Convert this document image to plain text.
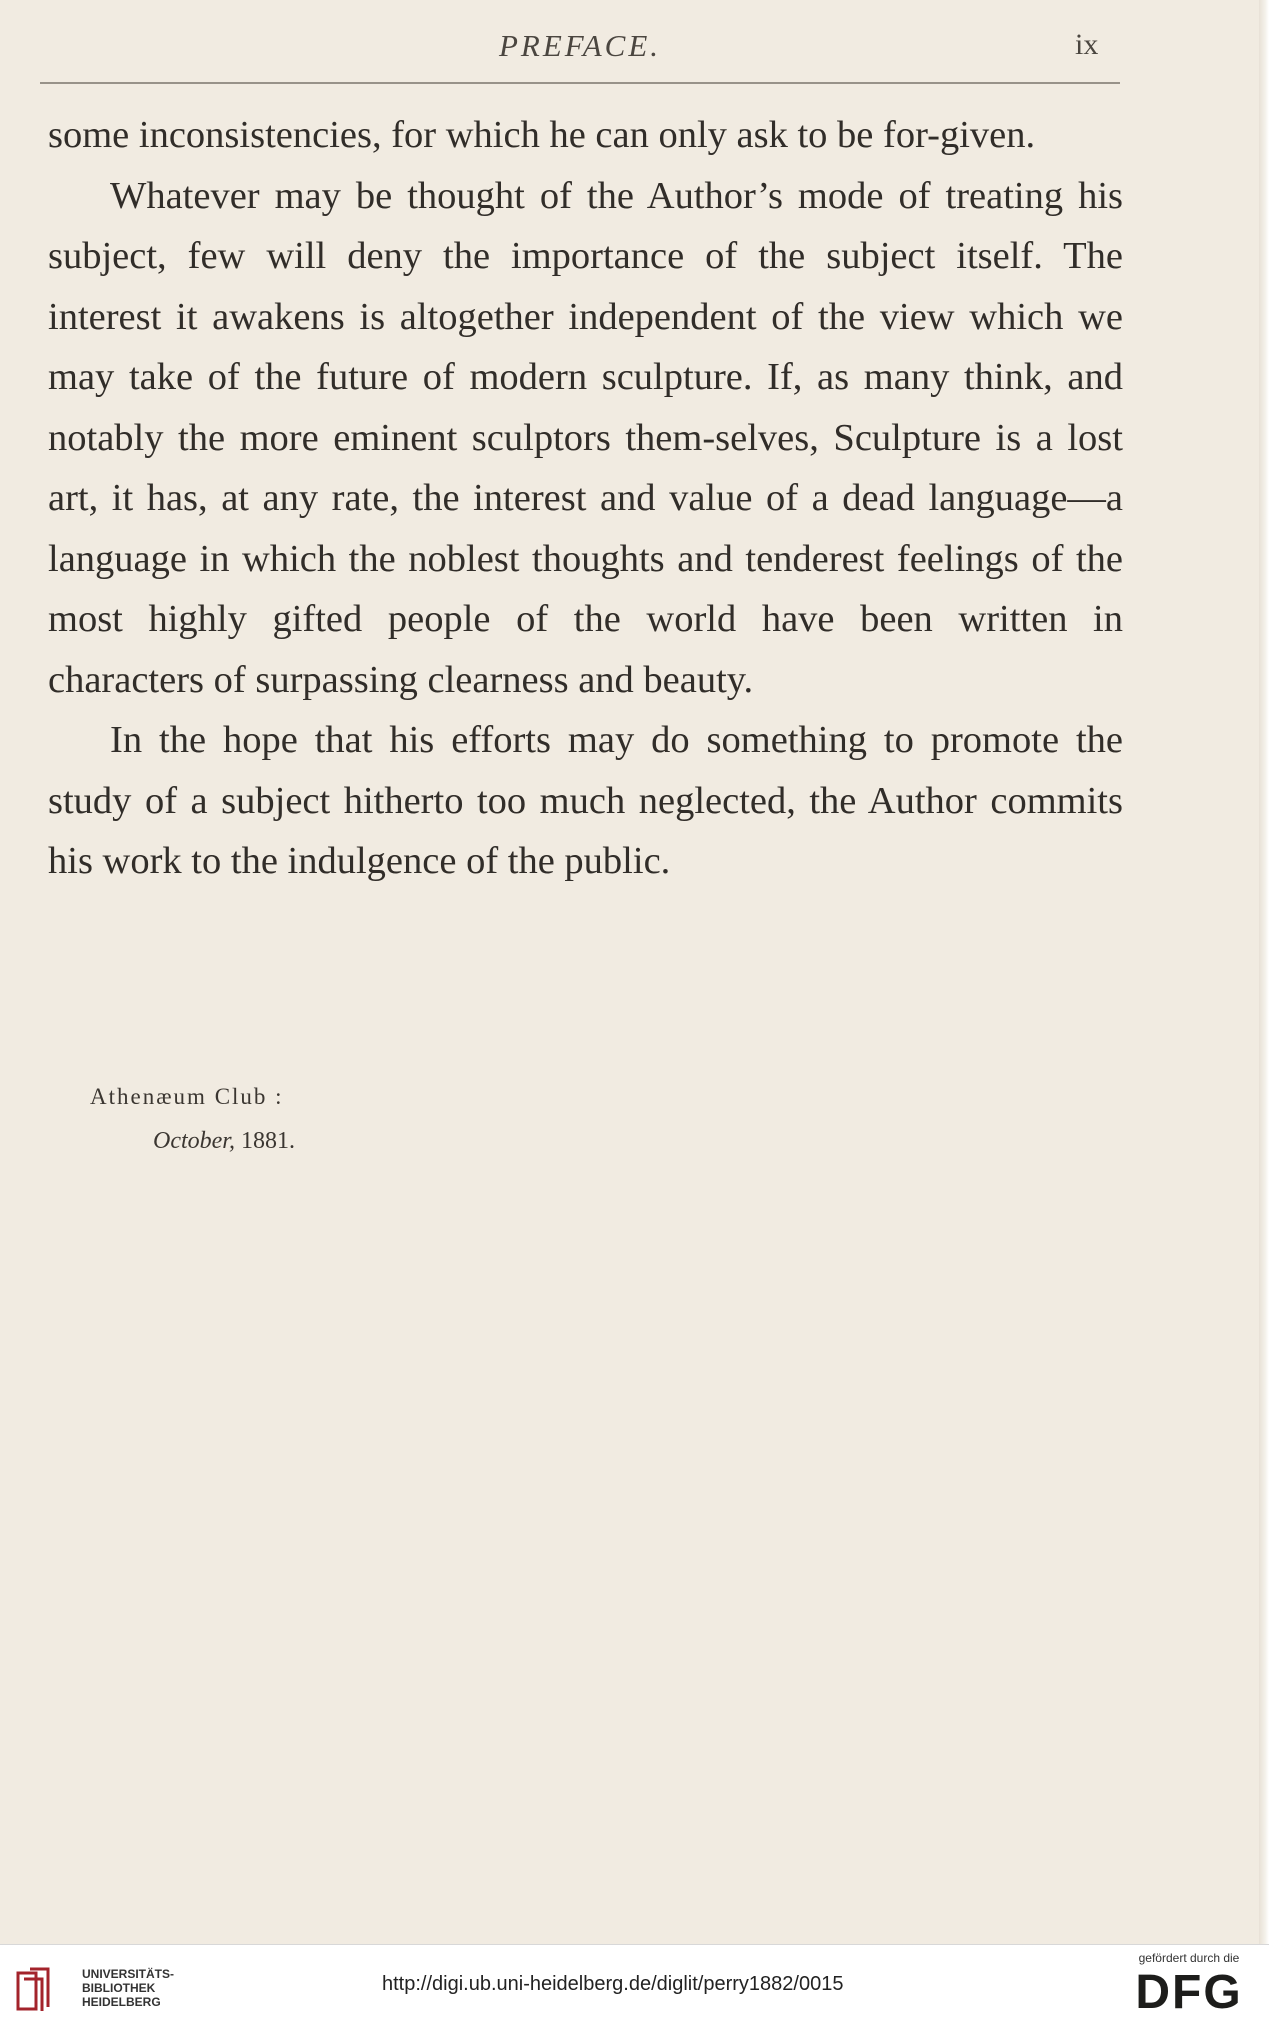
PREFACE.	ix

some inconsistencies, for which he can only ask to be for-given.

Whatever may be thought of the Author’s mode of treating his subject, few will deny the importance of the subject itself. The interest it awakens is altogether independent of the view which we may take of the future of modern sculpture. If, as many think, and notably the more eminent sculptors them-selves, Sculpture is a lost art, it has, at any rate, the interest and value of a dead language—a language in which the noblest thoughts and tenderest feelings of the most highly gifted people of the world have been written in characters of surpassing clearness and beauty.

In the hope that his efforts may do something to promote the study of a subject hitherto too much neglected, the Author commits his work to the indulgence of the public.

Athenæum Club :
October, 1881.
UNIVERSITÄTS-
BIBLIOTHEK
HEIDELBERG
http://digi.ub.uni-heidelberg.de/diglit/perry1882/0015
gefördert durch die
DFG
